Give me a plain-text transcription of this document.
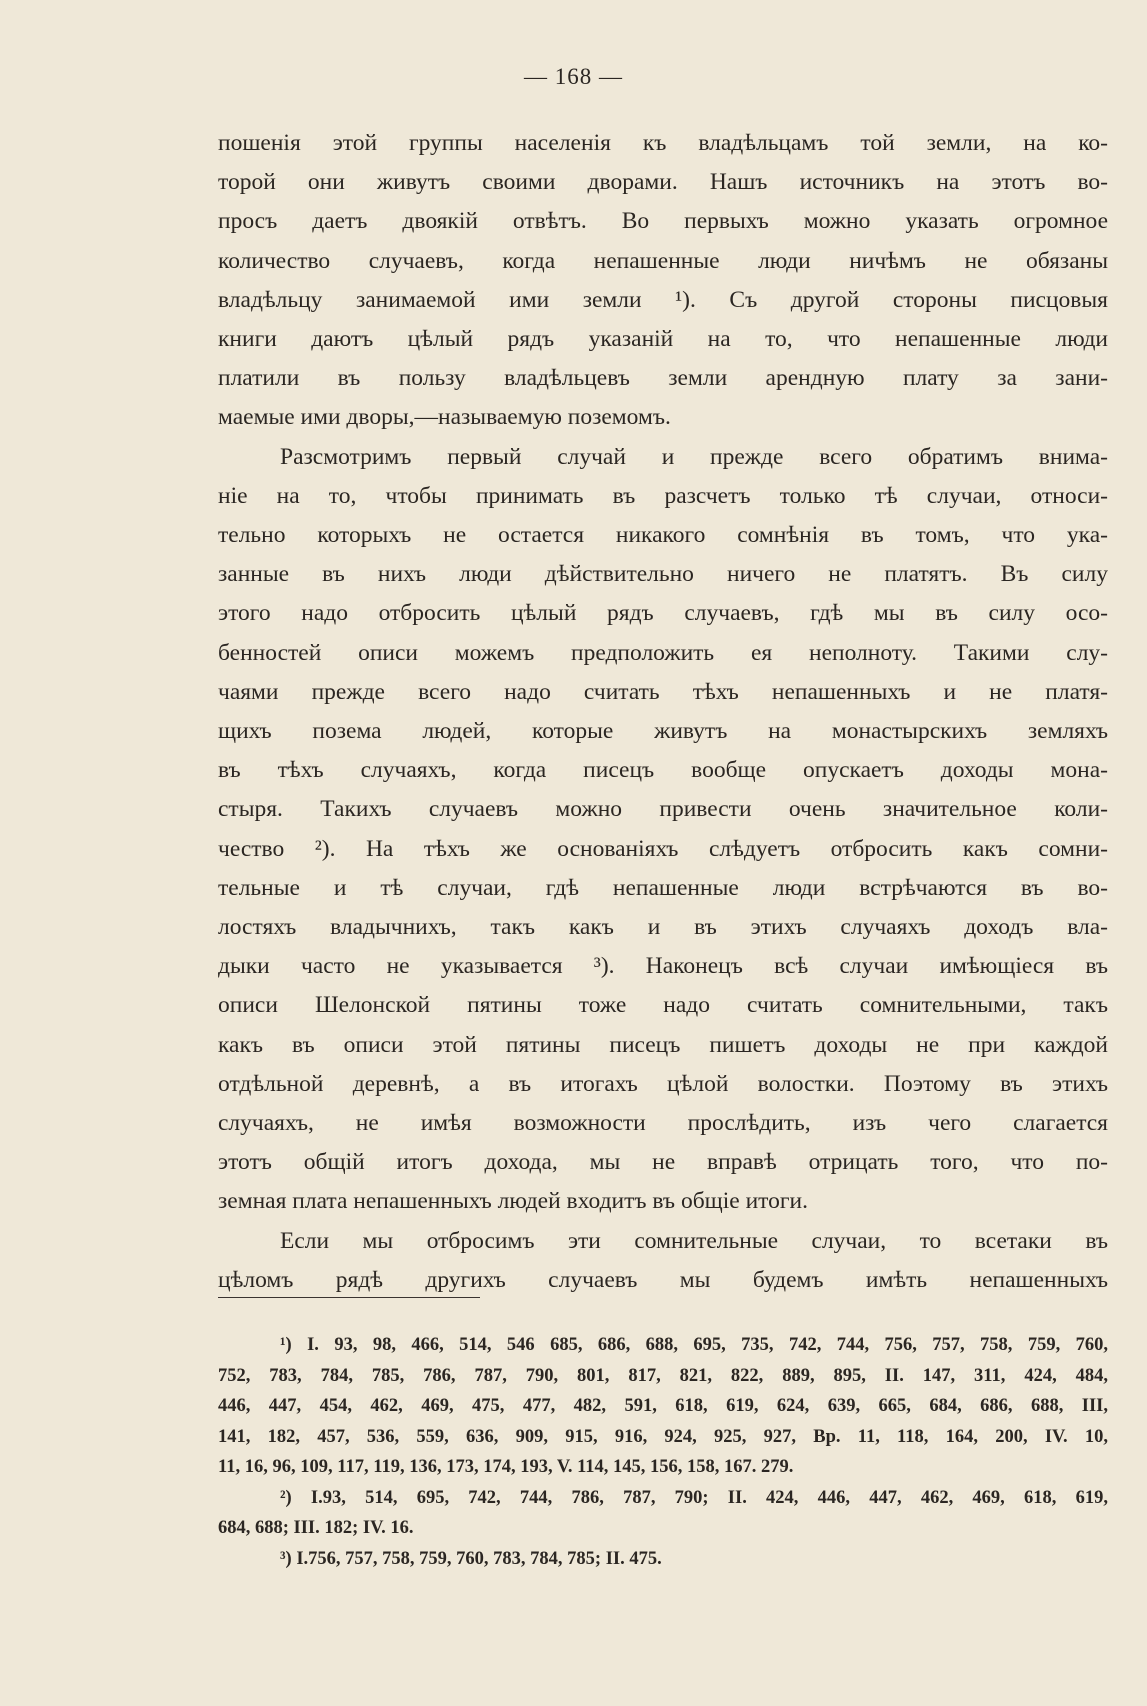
— 168 —
пошенія этой группы населенія къ владѣльцамъ той земли, на ко-
торой они живутъ своими дворами. Нашъ источникъ на этотъ во-
просъ даетъ двоякій отвѣтъ. Во первыхъ можно указать огромное
количество случаевъ, когда непашенные люди ничѣмъ не обязаны
владѣльцу занимаемой ими земли ¹). Съ другой стороны писцовыя
книги даютъ цѣлый рядъ указаній на то, что непашенные люди
платили въ пользу владѣльцевъ земли арендную плату за зани-
маемые ими дворы,—называемую поземомъ.
Разсмотримъ первый случай и прежде всего обратимъ внима-
ніе на то, чтобы принимать въ разсчетъ только тѣ случаи, относи-
тельно которыхъ не остается никакого сомнѣнія въ томъ, что ука-
занные въ нихъ люди дѣйствительно ничего не платятъ. Въ силу
этого надо отбросить цѣлый рядъ случаевъ, гдѣ мы въ силу осо-
бенностей описи можемъ предположить ея неполноту. Такими слу-
чаями прежде всего надо считать тѣхъ непашенныхъ и не платя-
щихъ позема людей, которые живутъ на монастырскихъ земляхъ
въ тѣхъ случаяхъ, когда писецъ вообще опускаетъ доходы мона-
стыря. Такихъ случаевъ можно привести очень значительное коли-
чество ²). На тѣхъ же основаніяхъ слѣдуетъ отбросить какъ сомни-
тельные и тѣ случаи, гдѣ непашенные люди встрѣчаются въ во-
лостяхъ владычнихъ, такъ какъ и въ этихъ случаяхъ доходъ вла-
дыки часто не указывается ³). Наконецъ всѣ случаи имѣющіеся въ
описи Шелонской пятины тоже надо считать сомнительными, такъ
какъ въ описи этой пятины писецъ пишетъ доходы не при каждой
отдѣльной деревнѣ, а въ итогахъ цѣлой волостки. Поэтому въ этихъ
случаяхъ, не имѣя возможности прослѣдить, изъ чего слагается
этотъ общій итогъ дохода, мы не вправѣ отрицать того, что по-
земная плата непашенныхъ людей входитъ въ общіе итоги.
Если мы отбросимъ эти сомнительные случаи, то всетаки въ
цѣломъ рядѣ другихъ случаевъ мы будемъ имѣть непашенныхъ
¹) I. 93, 98, 466, 514, 546 685, 686, 688, 695, 735, 742, 744, 756, 757, 758, 759, 760,
752, 783, 784, 785, 786, 787, 790, 801, 817, 821, 822, 889, 895, II. 147, 311, 424, 484,
446, 447, 454, 462, 469, 475, 477, 482, 591, 618, 619, 624, 639, 665, 684, 686, 688, III,
141, 182, 457, 536, 559, 636, 909, 915, 916, 924, 925, 927, Вр. 11, 118, 164, 200, IV. 10,
11, 16, 96, 109, 117, 119, 136, 173, 174, 193, V. 114, 145, 156, 158, 167. 279.
²) I.93, 514, 695, 742, 744, 786, 787, 790; II. 424, 446, 447, 462, 469, 618, 619,
684, 688; III. 182; IV. 16.
³) I.756, 757, 758, 759, 760, 783, 784, 785; II. 475.
